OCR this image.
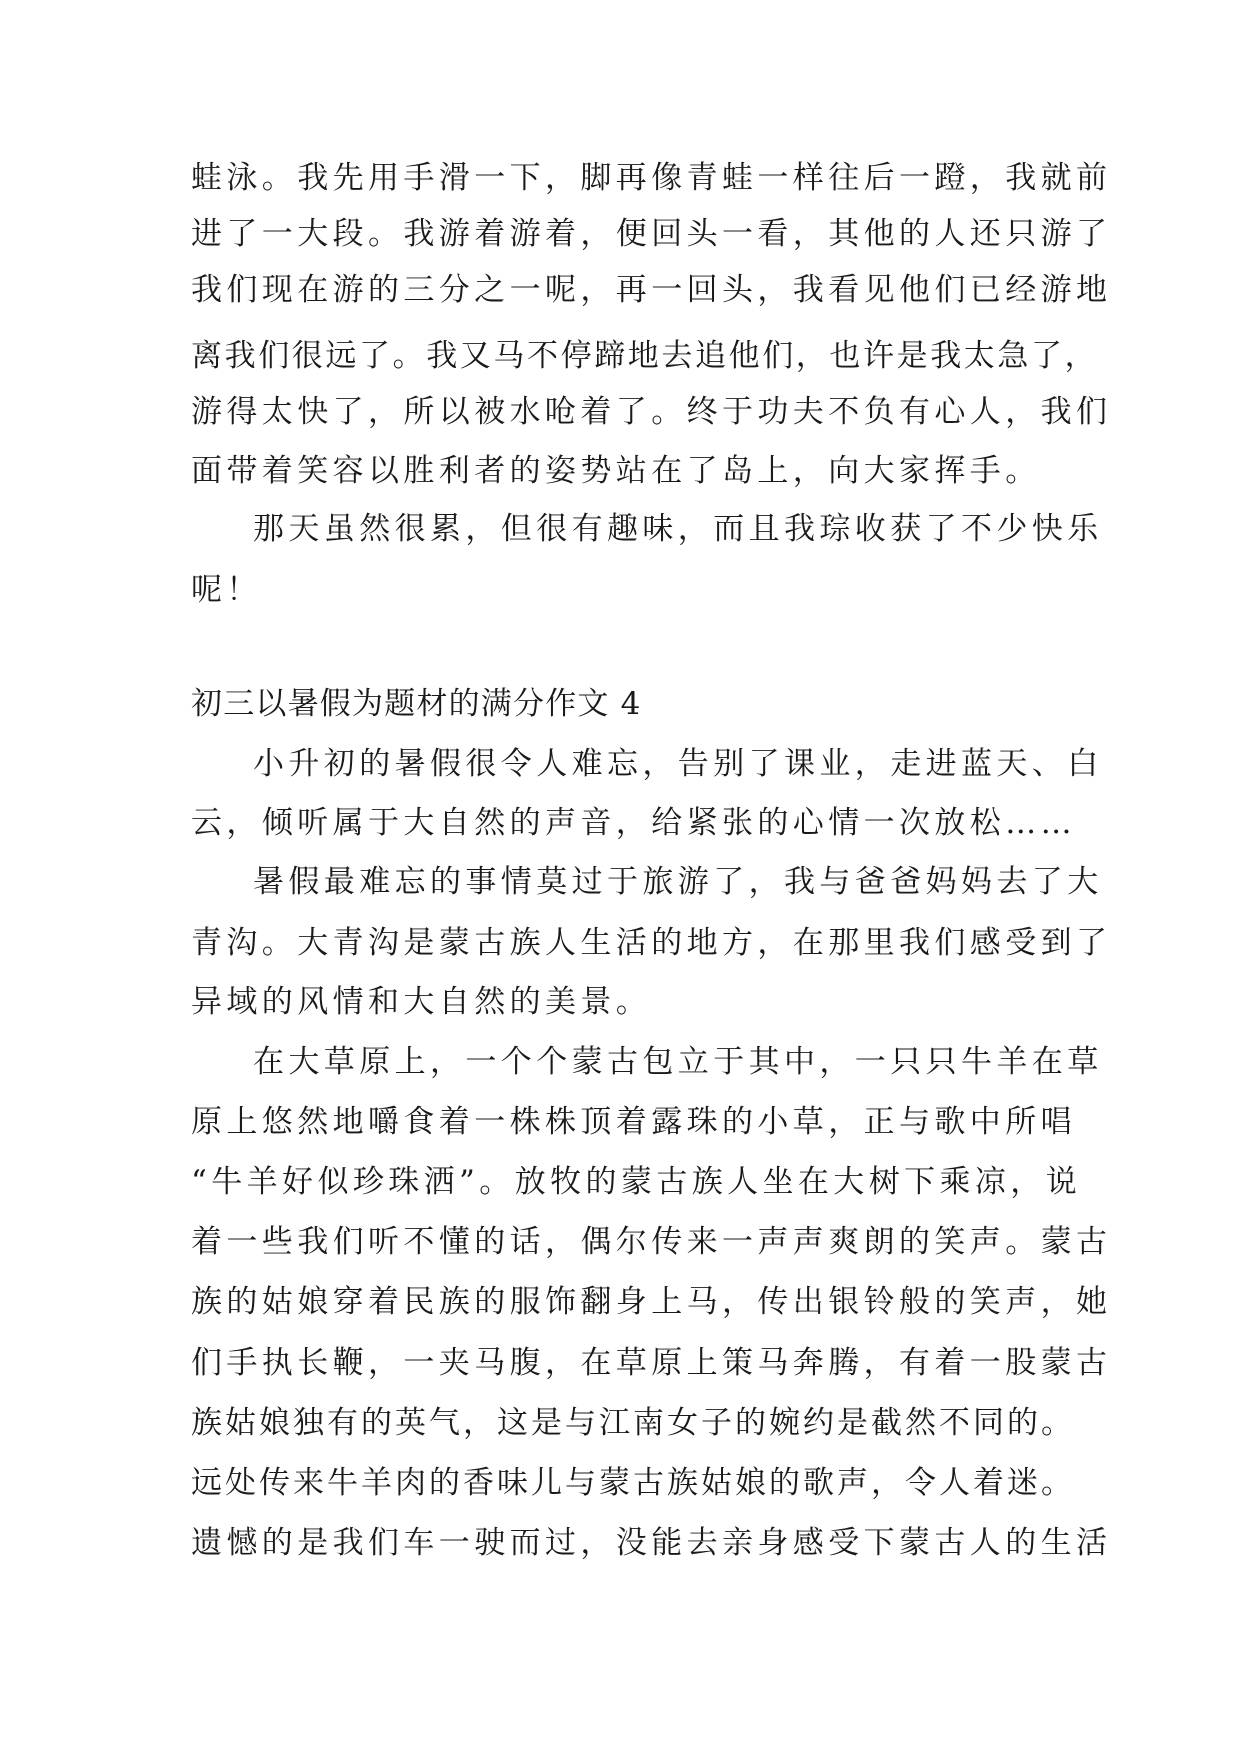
蛙泳。我先用手滑一下，脚再像青蛙一样往后一蹬，我就前
进了一大段。我游着游着，便回头一看，其他的人还只游了
我们现在游的三分之一呢，再一回头，我看见他们已经游地
离我们很远了。我又马不停蹄地去追他们，也许是我太急了，
游得太快了，所以被水呛着了。终于功夫不负有心人，我们
面带着笑容以胜利者的姿势站在了岛上，向大家挥手。
那天虽然很累，但很有趣味，而且我琮收获了不少快乐
呢！
初三以暑假为题材的满分作文 4
小升初的暑假很令人难忘，告别了课业，走进蓝天、白
云，倾听属于大自然的声音，给紧张的心情一次放松……
暑假最难忘的事情莫过于旅游了，我与爸爸妈妈去了大
青沟。大青沟是蒙古族人生活的地方，在那里我们感受到了
异域的风情和大自然的美景。
在大草原上，一个个蒙古包立于其中，一只只牛羊在草
原上悠然地嚼食着一株株顶着露珠的小草，正与歌中所唱
“牛羊好似珍珠洒”。放牧的蒙古族人坐在大树下乘凉，说
着一些我们听不懂的话，偶尔传来一声声爽朗的笑声。蒙古
族的姑娘穿着民族的服饰翻身上马，传出银铃般的笑声，她
们手执长鞭，一夹马腹，在草原上策马奔腾，有着一股蒙古
族姑娘独有的英气，这是与江南女子的婉约是截然不同的。
远处传来牛羊肉的香味儿与蒙古族姑娘的歌声，令人着迷。
遗憾的是我们车一驶而过，没能去亲身感受下蒙古人的生活
